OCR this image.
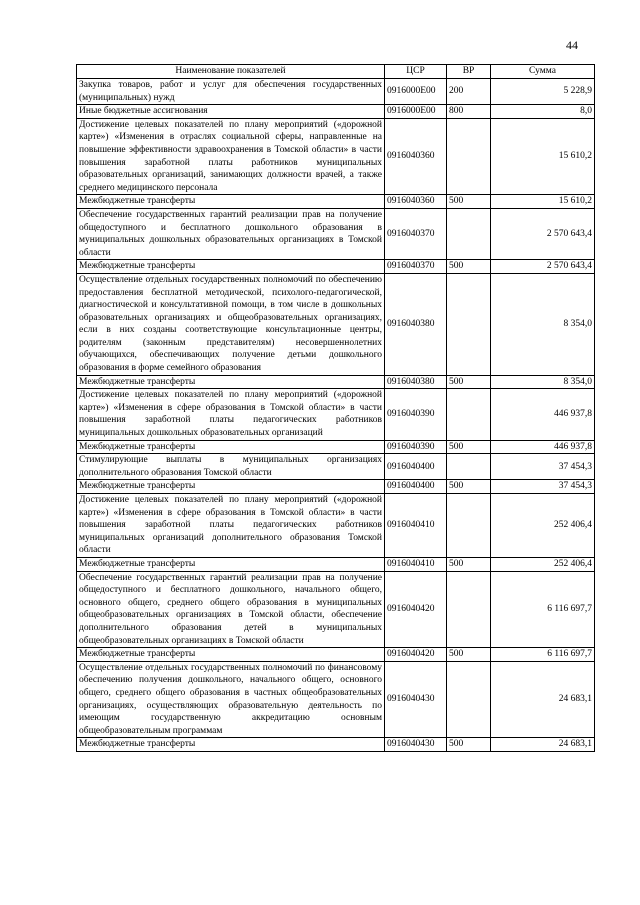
44
Наименование показателей	ЦСР	ВР	Сумма
Закупка товаров, работ и услуг для обеспечения государственных (муниципальных) нужд	0916000Е00	200	5 228,9
Иные бюджетные ассигнования	0916000Е00	800	8,0
Достижение целевых показателей по плану мероприятий («дорожной карте») «Изменения в отраслях социальной сферы, направленные на повышение эффективности здравоохранения в Томской области» в части повышения заработной платы работников муниципальных образовательных организаций, занимающих должности врачей, а также среднего медицинского персонала	0916040360		15 610,2
Межбюджетные трансферты	0916040360	500	15 610,2
Обеспечение государственных гарантий реализации прав на получение общедоступного и бесплатного дошкольного образования в муниципальных дошкольных образовательных организациях в Томской области	0916040370		2 570 643,4
Межбюджетные трансферты	0916040370	500	2 570 643,4
Осуществление отдельных государственных полномочий по обеспечению предоставления бесплатной методической, психолого-педагогической, диагностической и консультативной помощи, в том числе в дошкольных образовательных организациях и общеобразовательных организациях, если в них созданы соответствующие консультационные центры, родителям (законным представителям) несовершеннолетних обучающихся, обеспечивающих получение детьми дошкольного образования в форме семейного образования	0916040380		8 354,0
Межбюджетные трансферты	0916040380	500	8 354,0
Достижение целевых показателей по плану мероприятий («дорожной карте») «Изменения в сфере образования в Томской области» в части повышения заработной платы педагогических работников муниципальных дошкольных образовательных организаций	0916040390		446 937,8
Межбюджетные трансферты	0916040390	500	446 937,8
Стимулирующие выплаты в муниципальных организациях дополнительного образования Томской области	0916040400		37 454,3
Межбюджетные трансферты	0916040400	500	37 454,3
Достижение целевых показателей по плану мероприятий («дорожной карте») «Изменения в сфере образования в Томской области» в части повышения заработной платы педагогических работников муниципальных организаций дополнительного образования Томской области	0916040410		252 406,4
Межбюджетные трансферты	0916040410	500	252 406,4
Обеспечение государственных гарантий реализации прав на получение общедоступного и бесплатного дошкольного, начального общего, основного общего, среднего общего образования в муниципальных общеобразовательных организациях в Томской области, обеспечение дополнительного образования детей в муниципальных общеобразовательных организациях в Томской области	0916040420		6 116 697,7
Межбюджетные трансферты	0916040420	500	6 116 697,7
Осуществление отдельных государственных полномочий по финансовому обеспечению получения дошкольного, начального общего, основного общего, среднего общего образования в частных общеобразовательных организациях, осуществляющих образовательную деятельность по имеющим государственную аккредитацию основным общеобразовательным программам	0916040430		24 683,1
Межбюджетные трансферты	0916040430	500	24 683,1
